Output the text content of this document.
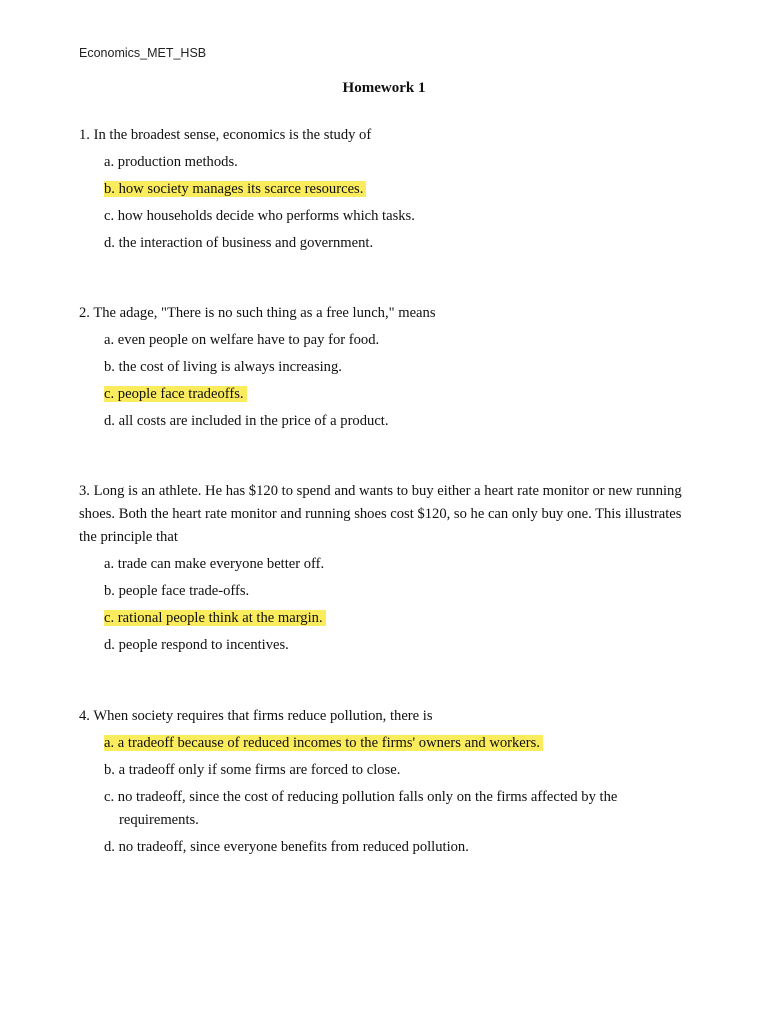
Economics_MET_HSB
Homework 1
1. In the broadest sense, economics is the study of
a. production methods.
b. how society manages its scarce resources.
c. how households decide who performs which tasks.
d. the interaction of business and government.
2. The adage, "There is no such thing as a free lunch," means
a. even people on welfare have to pay for food.
b. the cost of living is always increasing.
c. people face tradeoffs.
d. all costs are included in the price of a product.
3. Long is an athlete. He has $120 to spend and wants to buy either a heart rate monitor or new running shoes. Both the heart rate monitor and running shoes cost $120, so he can only buy one. This illustrates the principle that
a. trade can make everyone better off.
b. people face trade-offs.
c. rational people think at the margin.
d. people respond to incentives.
4. When society requires that firms reduce pollution, there is
a. a tradeoff because of reduced incomes to the firms' owners and workers.
b. a tradeoff only if some firms are forced to close.
c. no tradeoff, since the cost of reducing pollution falls only on the firms affected by the requirements.
d. no tradeoff, since everyone benefits from reduced pollution.
